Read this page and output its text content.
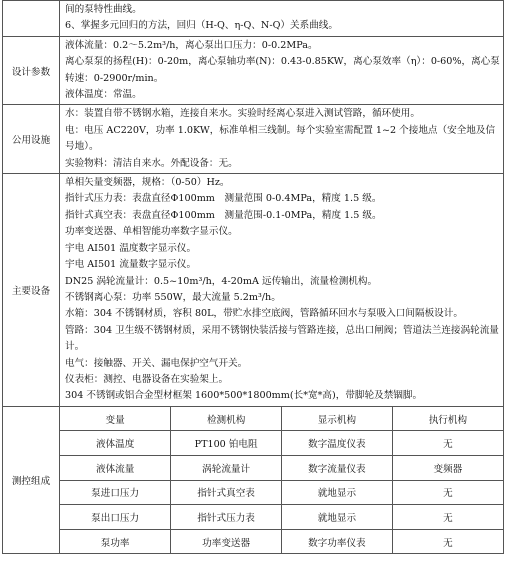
间的泵特性曲线。
6、掌握多元回归的方法，回归（H-Q、η-Q、N-Q）关系曲线。

设计参数	
液体流量：0.2～5.2m³/h，离心泵出口压力：0-0.2MPa。
离心泵泵的扬程(H)：0-20m，离心泵轴功率(N)：0.43-0.85KW，离心泵效率（η）：0-60%，离心泵转速：0-2900r/min。
液体温度：常温。

公用设施	
水：装置自带不锈钢水箱，连接自来水。实验时经离心泵进入测试管路，循环使用。
电：电压 AC220V，功率 1.0KW，标准单相三线制。每个实验室需配置 1~2 个接地点（安全地及信号地）。
实验物料：清洁自来水。外配设备：无。

主要设备	
单相矢量变频器，规格：（0-50）Hz。
指针式压力表：表盘直径Φ100mm　测量范围 0-0.4MPa，精度 1.5 级。
指针式真空表：表盘直径Φ100mm　测量范围-0.1-0MPa，精度 1.5 级。
功率变送器、单相智能功率数字显示仪。
宇电 AI501 温度数字显示仪。
宇电 AI501 流量数字显示仪。
DN25 涡轮流量计：0.5~10m³/h，4-20mA 远传输出，流量检测机构。
不锈钢离心泵：功率 550W，最大流量 5.2m³/h。
水箱：304 不锈钢材质，容积 80L，带贮水排空底阀，管路循环回水与泵吸入口间隔板设计。
管路：304 卫生级不锈钢材质，采用不锈钢快装活接与管路连接，总出口闸阀；管道法兰连接涡轮流量计。
电气：接触器、开关、漏电保护空气开关。
仪表柜：测控、电器设备在实验架上。
304 不锈钢或铝合金型材框架 1600*500*1800mm(长*宽*高)，带脚轮及禁锢脚。

测控组成	
变量	检测机构	显示机构	执行机构
液体温度	PT100 铂电阻	数字温度仪表	无
液体流量	涡轮流量计	数字流量仪表	变频器
泵进口压力	指针式真空表	就地显示	无
泵出口压力	指针式压力表	就地显示	无
泵功率	功率变送器	数字功率仪表	无
